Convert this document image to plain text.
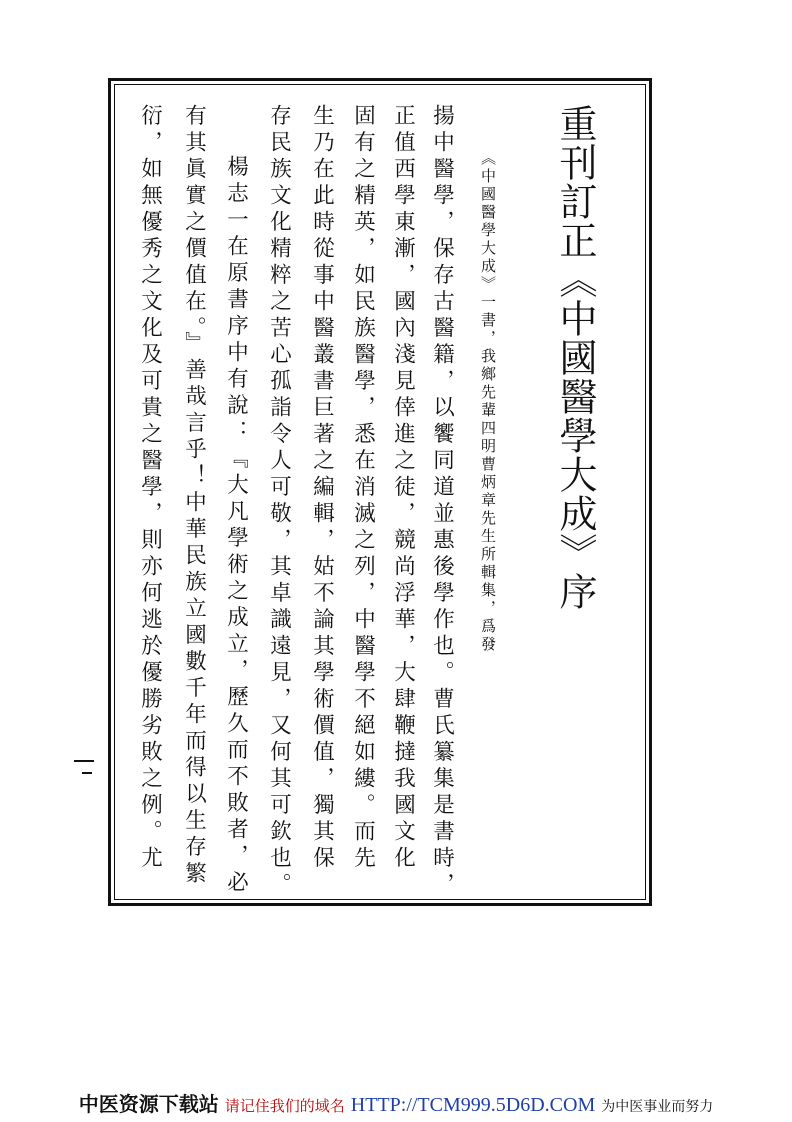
重刊訂正《中國醫學大成》序
《中國醫學大成》一書，我鄉先輩四明曹炳章先生所輯集，爲發
揚中醫學，保存古醫籍，以饗同道並惠後學作也。曹氏纂集是書時，
正值西學東漸，國內淺見倖進之徒，競尚浮華，大肆鞭撻我國文化
固有之精英，如民族醫學，悉在消滅之列，中醫學不絕如縷。而先
生乃在此時從事中醫叢書巨著之編輯，姑不論其學術價值，獨其保
存民族文化精粹之苦心孤詣令人可敬，其卓識遠見，又何其可欽也。
楊志一在原書序中有說：『大凡學術之成立，歷久而不敗者，必
有其眞實之價值在。』善哉言乎！中華民族立國數千年而得以生存繁
衍，如無優秀之文化及可貴之醫學，則亦何逃於優勝劣敗之例。尤
中医资源下载站 请记住我们的域名 HTTP://TCM999.5D6D.COM 为中医事业而努力
